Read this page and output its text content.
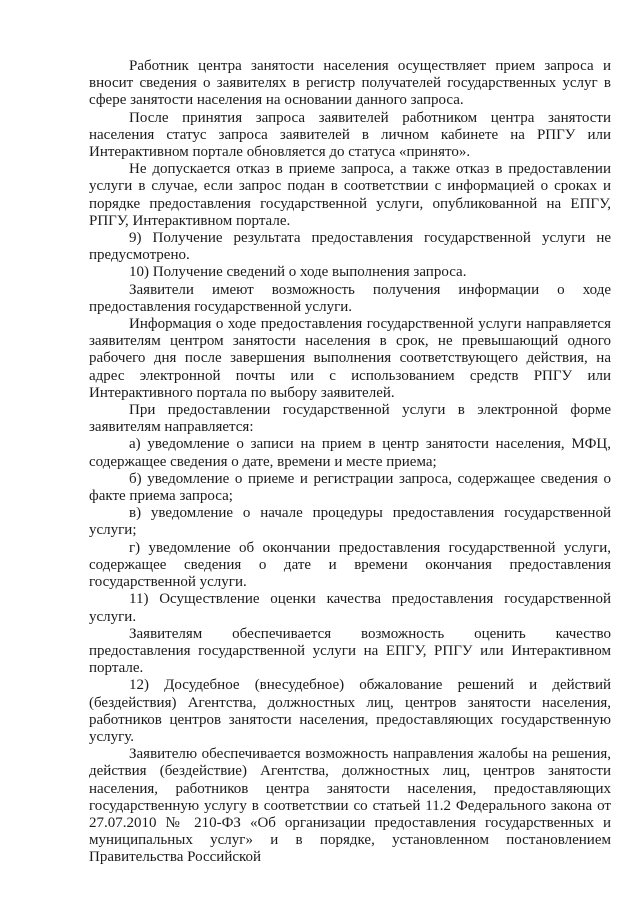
Работник центра занятости населения осуществляет прием запроса и вносит сведения о заявителях в регистр получателей государственных услуг в сфере занятости населения на основании данного запроса.

После принятия запроса заявителей работником центра занятости населения статус запроса заявителей в личном кабинете на РПГУ или Интерактивном портале обновляется до статуса «принято».

Не допускается отказ в приеме запроса, а также отказ в предоставлении услуги в случае, если запрос подан в соответствии с информацией о сроках и порядке предоставления государственной услуги, опубликованной на ЕПГУ, РПГУ, Интерактивном портале.

9) Получение результата предоставления государственной услуги не предусмотрено.

10) Получение сведений о ходе выполнения запроса.

Заявители имеют возможность получения информации о ходе предоставления государственной услуги.

Информация о ходе предоставления государственной услуги направляется заявителям центром занятости населения в срок, не превышающий одного рабочего дня после завершения выполнения соответствующего действия, на адрес электронной почты или с использованием средств РПГУ или Интерактивного портала по выбору заявителей.

При предоставлении государственной услуги в электронной форме заявителям направляется:

а) уведомление о записи на прием в центр занятости населения, МФЦ, содержащее сведения о дате, времени и месте приема;

б) уведомление о приеме и регистрации запроса, содержащее сведения о факте приема запроса;

в) уведомление о начале процедуры предоставления государственной услуги;

г) уведомление об окончании предоставления государственной услуги, содержащее сведения о дате и времени окончания предоставления государственной услуги.

11) Осуществление оценки качества предоставления государственной услуги.

Заявителям обеспечивается возможность оценить качество предоставления государственной услуги на ЕПГУ, РПГУ или Интерактивном портале.

12) Досудебное (внесудебное) обжалование решений и действий (бездействия) Агентства, должностных лиц, центров занятости населения, работников центров занятости населения, предоставляющих государственную услугу.

Заявителю обеспечивается возможность направления жалобы на решения, действия (бездействие) Агентства, должностных лиц, центров занятости населения, работников центра занятости населения, предоставляющих государственную услугу в соответствии со статьей 11.2 Федерального закона от 27.07.2010 № 210-ФЗ «Об организации предоставления государственных и муниципальных услуг» и в порядке, установленном постановлением Правительства Российской
